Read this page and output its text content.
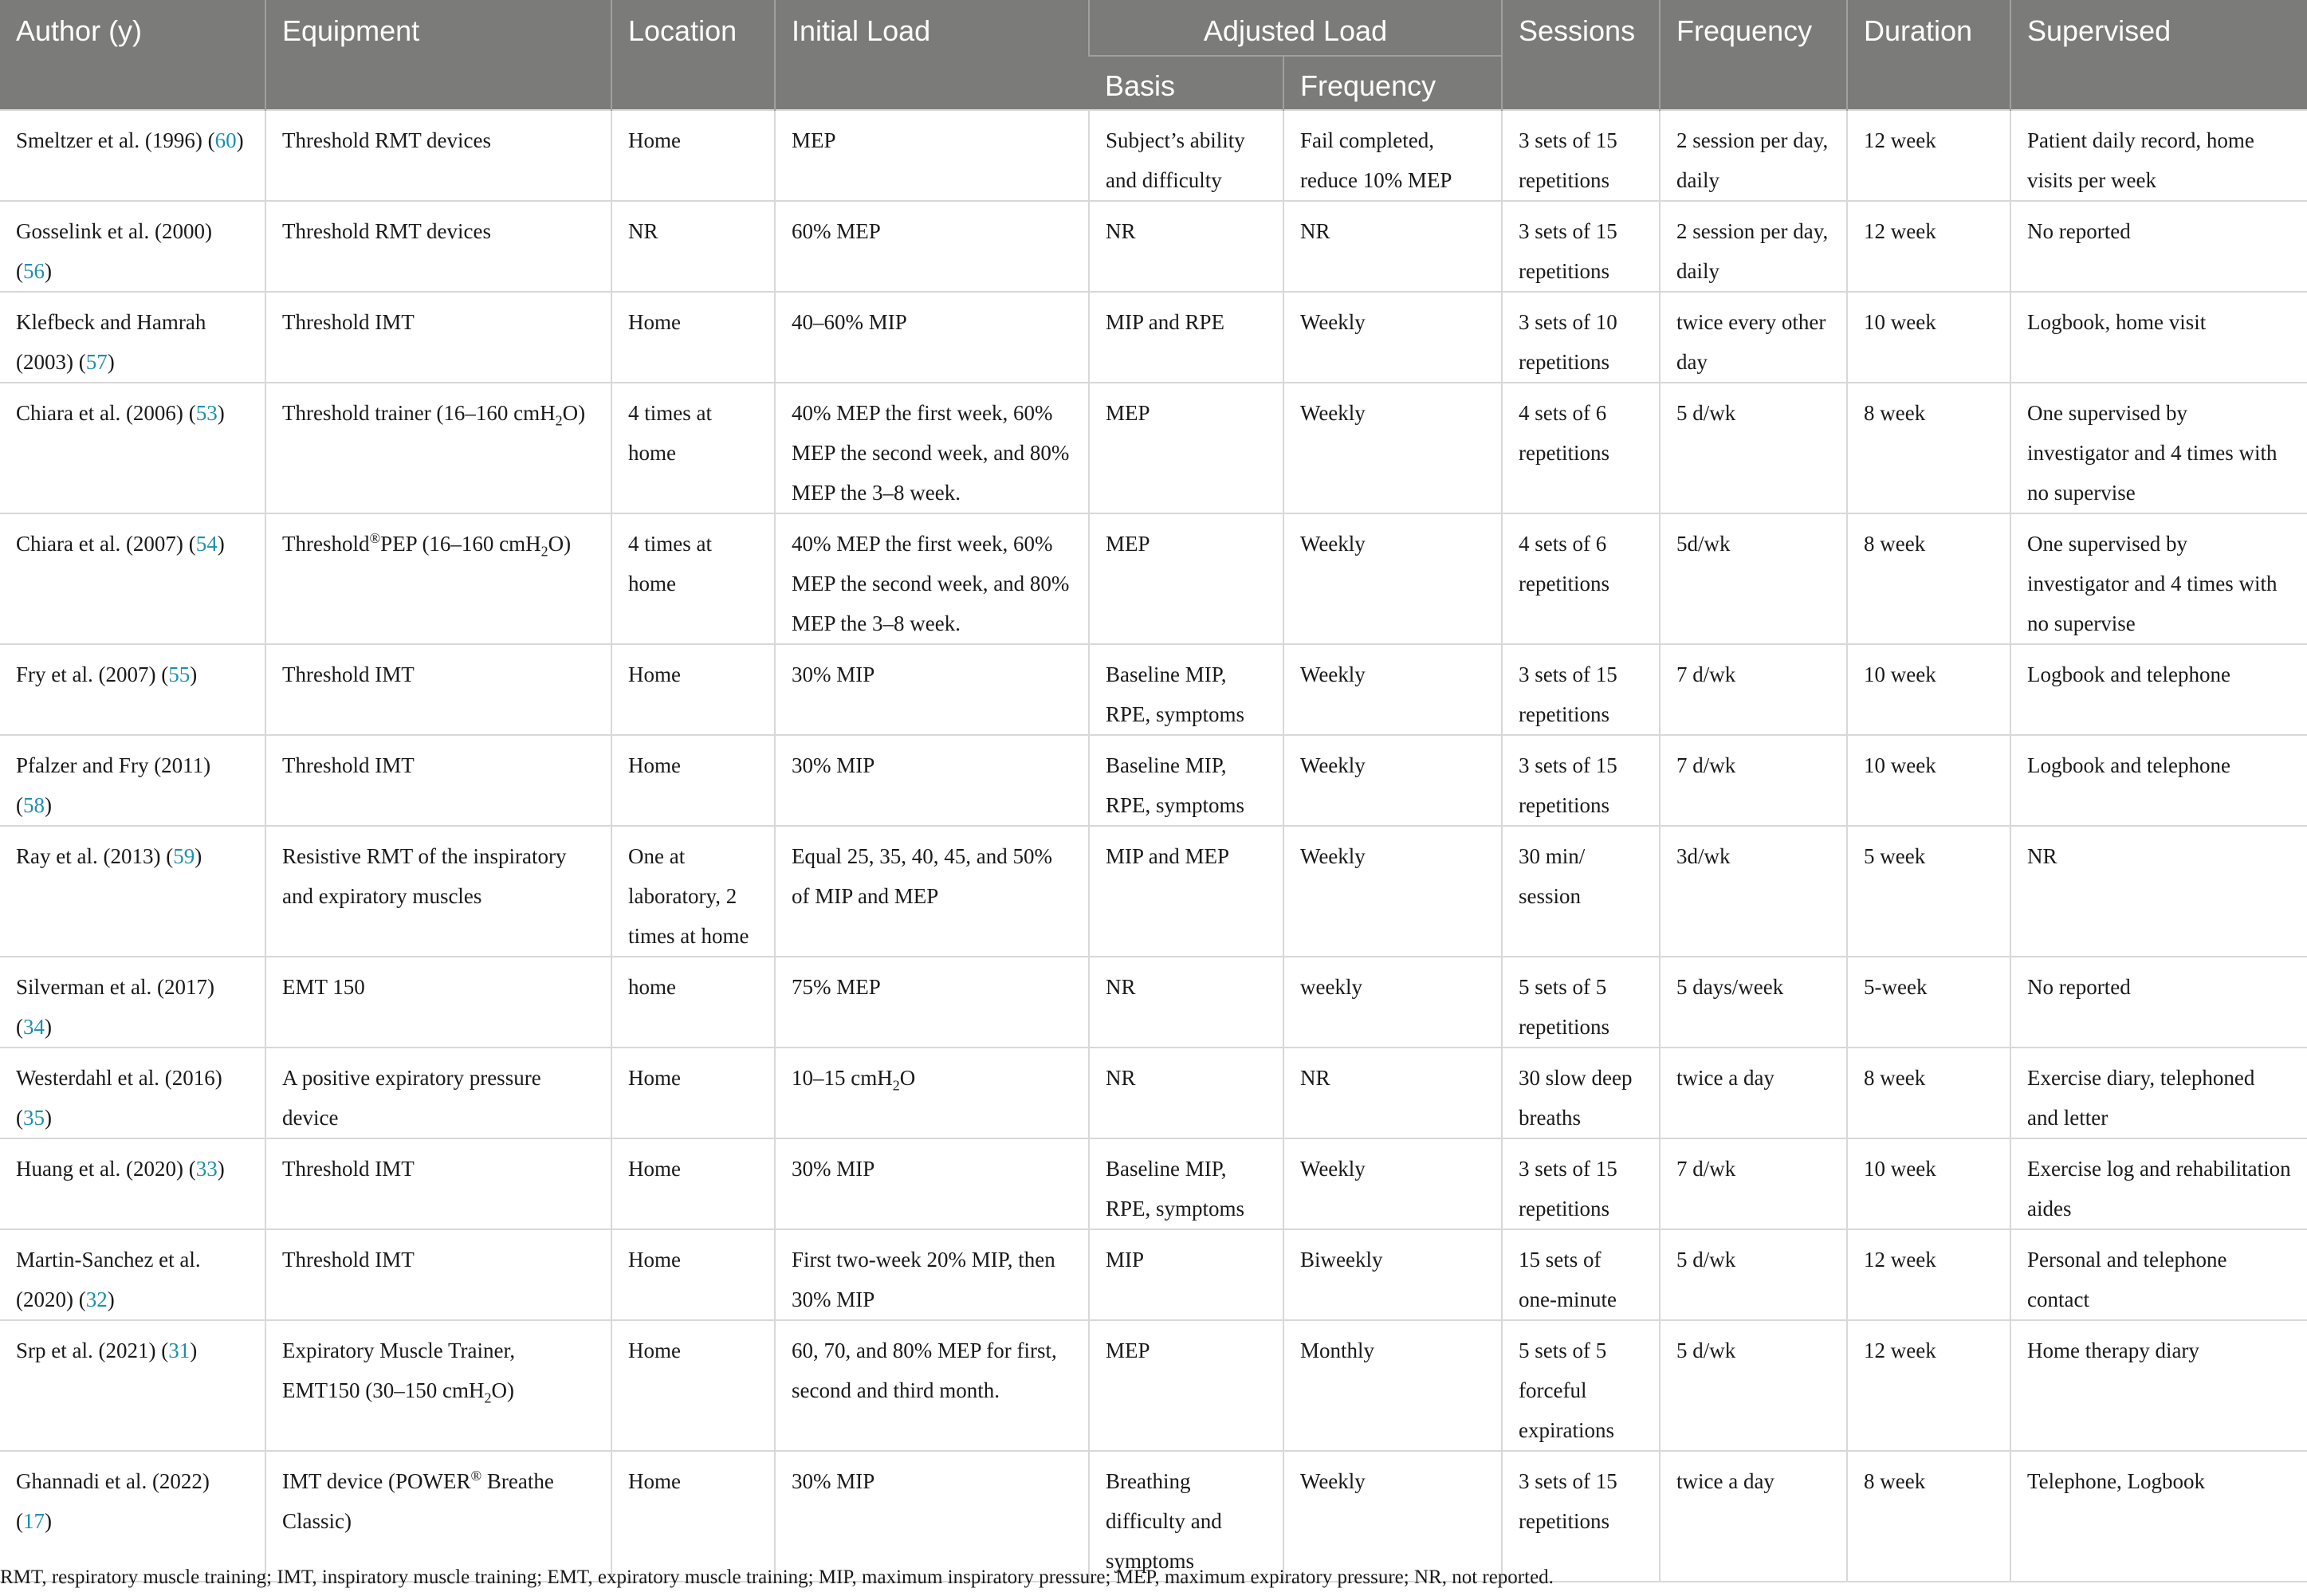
Author (y)	Equipment	Location	Initial Load	Adjusted Load		Sessions	Frequency	Duration	Supervised
				Basis	Frequency				
Smeltzer et al. (1996) (60)	Threshold RMT devices	Home	MEP	Subject’s ability and difficulty	Fail completed, reduce 10% MEP	3 sets of 15 repetitions	2 session per day, daily	12 week	Patient daily record, home visits per week
Gosselink et al. (2000) (56)	Threshold RMT devices	NR	60% MEP	NR	NR	3 sets of 15 repetitions	2 session per day, daily	12 week	No reported
Klefbeck and Hamrah (2003) (57)	Threshold IMT	Home	40–60% MIP	MIP and RPE	Weekly	3 sets of 10 repetitions	twice every other day	10 week	Logbook, home visit
Chiara et al. (2006) (53)	Threshold trainer (16–160 cmH$_2$O)	4 times at home	40% MEP the first week, 60% MEP the second week, and 80% MEP the 3–8 week.	MEP	Weekly	4 sets of 6 repetitions	5 d/wk	8 week	One supervised by investigator and 4 times with no supervise
Chiara et al. (2007) (54)	Threshold®PEP (16–160 cmH$_2$O)	4 times at home	40% MEP the first week, 60% MEP the second week, and 80% MEP the 3–8 week.	MEP	Weekly	4 sets of 6 repetitions	5d/wk	8 week	One supervised by investigator and 4 times with no supervise
Fry et al. (2007) (55)	Threshold IMT	Home	30% MIP	Baseline MIP, RPE, symptoms	Weekly	3 sets of 15 repetitions	7 d/wk	10 week	Logbook and telephone
Pfalzer and Fry (2011) (58)	Threshold IMT	Home	30% MIP	Baseline MIP, RPE, symptoms	Weekly	3 sets of 15 repetitions	7 d/wk	10 week	Logbook and telephone
Ray et al. (2013) (59)	Resistive RMT of the inspiratory and expiratory muscles	One at laboratory, 2 times at home	Equal 25, 35, 40, 45, and 50% of MIP and MEP	MIP and MEP	Weekly	30 min/ session	3d/wk	5 week	NR
Silverman et al. (2017) (34)	EMT 150	home	75% MEP	NR	weekly	5 sets of 5 repetitions	5 days/week	5-week	No reported
Westerdahl et al. (2016) (35)	A positive expiratory pressure device	Home	10–15 cmH$_2$O	NR	NR	30 slow deep breaths	twice a day	8 week	Exercise diary, telephoned and letter
Huang et al. (2020) (33)	Threshold IMT	Home	30% MIP	Baseline MIP, RPE, symptoms	Weekly	3 sets of 15 repetitions	7 d/wk	10 week	Exercise log and rehabilitation aides
Martin-Sanchez et al. (2020) (32)	Threshold IMT	Home	First two-week 20% MIP, then 30% MIP	MIP	Biweekly	15 sets of one-minute	5 d/wk	12 week	Personal and telephone contact
Srp et al. (2021) (31)	Expiratory Muscle Trainer, EMT150 (30–150 cmH$_2$O)	Home	60, 70, and 80% MEP for first, second and third month.	MEP	Monthly	5 sets of 5 forceful expirations	5 d/wk	12 week	Home therapy diary
Ghannadi et al. (2022) (17)	IMT device (POWER® Breathe Classic)	Home	30% MIP	Breathing difficulty and symptoms	Weekly	3 sets of 15 repetitions	twice a day	8 week	Telephone, Logbook
RMT, respiratory muscle training; IMT, inspiratory muscle training; EMT, expiratory muscle training; MIP, maximum inspiratory pressure; MEP, maximum expiratory pressure; NR, not reported.
